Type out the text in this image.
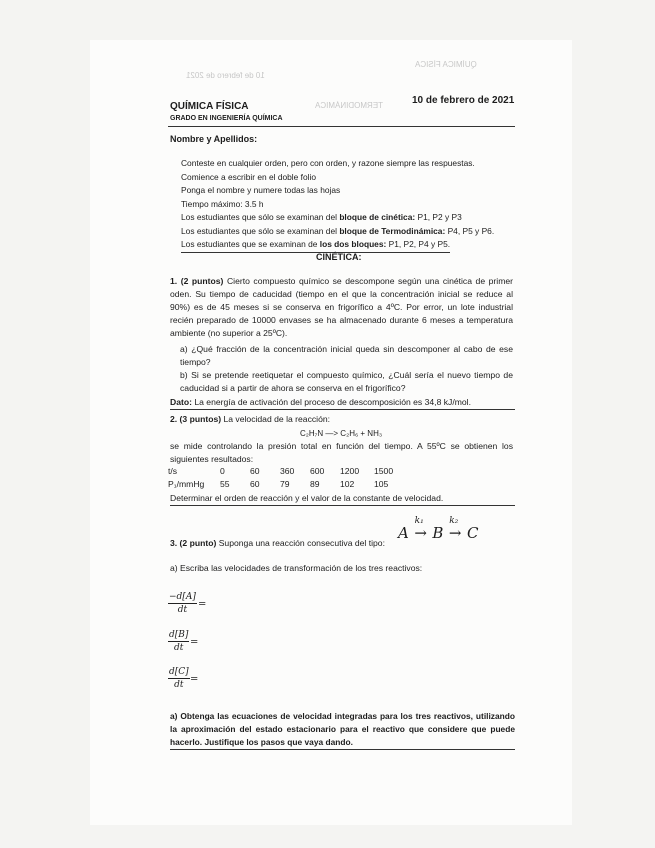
10 de febrero de 2021
QUÍMICA FÍSICA
TERMODINÁMICA
QUÍMICA FÍSICA
GRADO EN INGENIERÍA QUÍMICA
10 de febrero de 2021
Nombre y Apellidos:
Conteste en cualquier orden, pero con orden, y razone siempre las respuestas.
Comience a escribir en el doble folio
Ponga el nombre y numere todas las hojas
Tiempo máximo: 3.5 h
Los estudiantes que sólo se examinan del bloque de cinética: P1, P2 y P3
Los estudiantes que sólo se examinan del bloque de Termodinámica: P4, P5 y P6.
Los estudiantes que se examinan de los dos bloques: P1, P2, P4 y P5.
CINÉTICA:
1. (2 puntos) Cierto compuesto químico se descompone según una cinética de primer oden. Su tiempo de caducidad (tiempo en el que la concentración inicial se reduce al 90%) es de 45 meses si se conserva en frigorífico a 4ºC. Por error, un lote industrial recién preparado de 10000 envases se ha almacenado durante 6 meses a temperatura ambiente (no superior a 25ºC).
a) ¿Qué fracción de la concentración inicial queda sin descomponer al cabo de ese tiempo?
b) Si se pretende reetiquetar el compuesto químico, ¿Cuál sería el nuevo tiempo de caducidad si a partir de ahora se conserva en el frigorífico?
Dato: La energía de activación del proceso de descomposición es 34,8 kJ/mol.
2. (3 puntos) La velocidad de la reacción:
C₂H₇N —> C₂H₆ + NH₃
se mide controlando la presión total en función del tiempo. A 55ºC se obtienen los siguientes resultados:
t/s	0	60	360	600	1200	1500
P₁/mmHg	55	60	79	89	102	105
Determinar el orden de reacción y el valor de la constante de velocidad.
3. (2 punto) Suponga una reacción consecutiva del tipo:
A →
k₁
B →
k₂
C
a) Escriba las velocidades de transformación de los tres reactivos:
$\frac{-d[A]}{dt}$ =
$\frac{d[B]}{dt}$ =
$\frac{d[C]}{dt}$ =
a) Obtenga las ecuaciones de velocidad integradas para los tres reactivos, utilizando la aproximación del estado estacionario para el reactivo que considere que puede hacerlo. Justifique los pasos que vaya dando.
